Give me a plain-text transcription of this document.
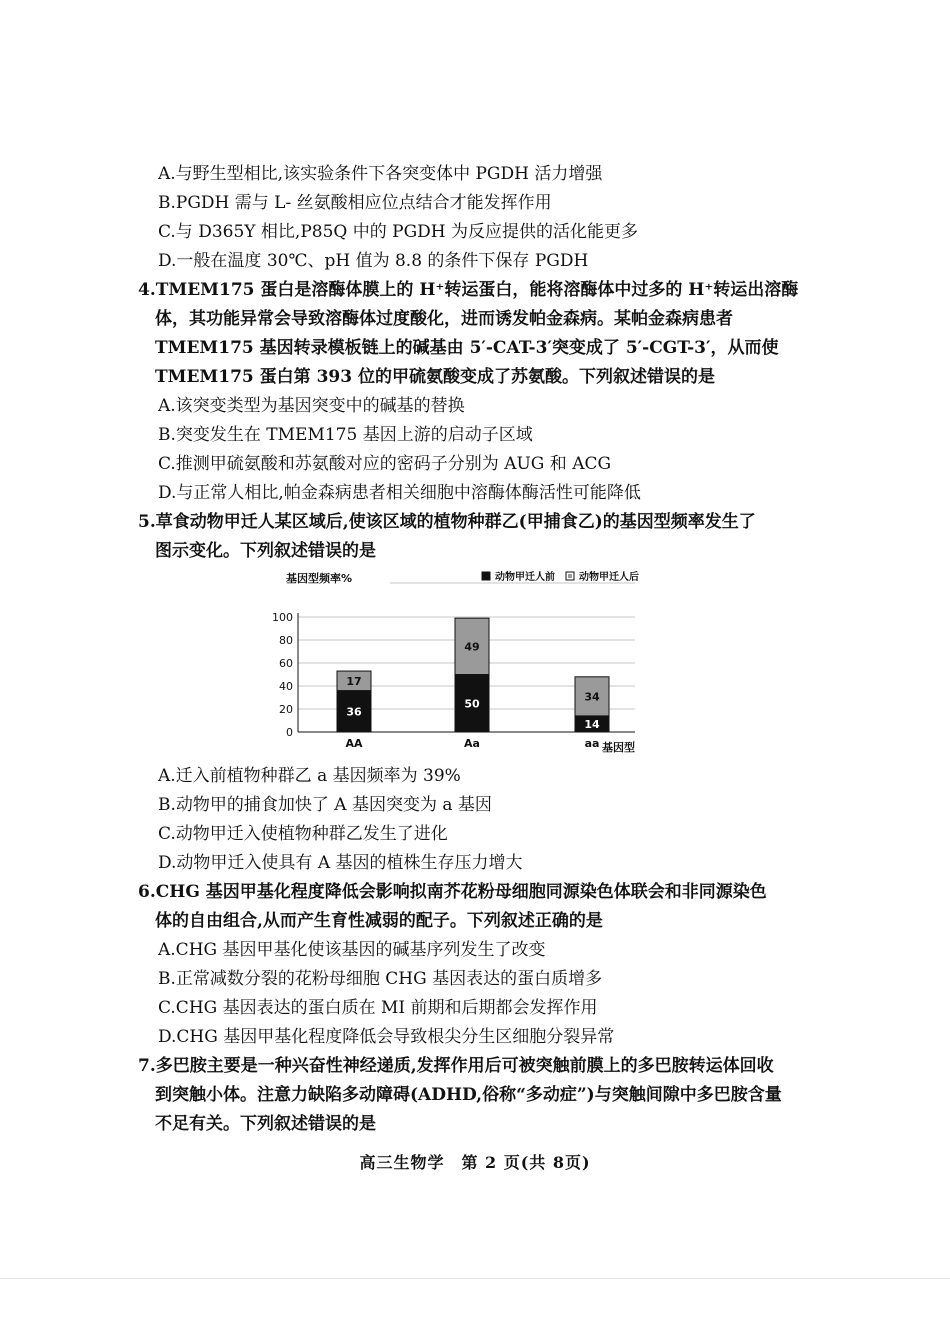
A.与野生型相比,该实验条件下各突变体中 PGDH 活力增强
B.PGDH 需与 L- 丝氨酸相应位点结合才能发挥作用
C.与 D365Y 相比,P85Q 中的 PGDH 为反应提供的活化能更多
D.一般在温度 30℃、pH 值为 8.8 的条件下保存 PGDH
4.TMEM175 蛋白是溶酶体膜上的 H⁺转运蛋白，能将溶酶体中过多的 H⁺转运出溶酶
体，其功能异常会导致溶酶体过度酸化，进而诱发帕金森病。某帕金森病患者
TMEM175 基因转录模板链上的碱基由 5′-CAT-3′突变成了 5′-CGT-3′，从而使
TMEM175 蛋白第 393 位的甲硫氨酸变成了苏氨酸。下列叙述错误的是
A.该突变类型为基因突变中的碱基的替换
B.突变发生在 TMEM175 基因上游的启动子区域
C.推测甲硫氨酸和苏氨酸对应的密码子分别为 AUG 和 ACG
D.与正常人相比,帕金森病患者相关细胞中溶酶体酶活性可能降低
5.草食动物甲迁人某区域后,使该区域的植物种群乙(甲捕食乙)的基因型频率发生了
图示变化。下列叙述错误的是
基因型频率%	动物甲迁人前 动物甲迁人后
0
20
40
60
80
100
36
17
50
49
14
34
AA	Aa	aa 基因型
A.迁入前植物种群乙 a 基因频率为 39%
B.动物甲的捕食加快了 A 基因突变为 a 基因
C.动物甲迁入使植物种群乙发生了进化
D.动物甲迁入使具有 A 基因的植株生存压力增大
6.CHG 基因甲基化程度降低会影响拟南芥花粉母细胞同源染色体联会和非同源染色
体的自由组合,从而产生育性减弱的配子。下列叙述正确的是
A.CHG 基因甲基化使该基因的碱基序列发生了改变
B.正常减数分裂的花粉母细胞 CHG 基因表达的蛋白质增多
C.CHG 基因表达的蛋白质在 MI 前期和后期都会发挥作用
D.CHG 基因甲基化程度降低会导致根尖分生区细胞分裂异常
7.多巴胺主要是一种兴奋性神经递质,发挥作用后可被突触前膜上的多巴胺转运体回收
到突触小体。注意力缺陷多动障碍(ADHD,俗称“多动症”)与突触间隙中多巴胺含量
不足有关。下列叙述错误的是
高三生物学　第 2 页(共 8页)
